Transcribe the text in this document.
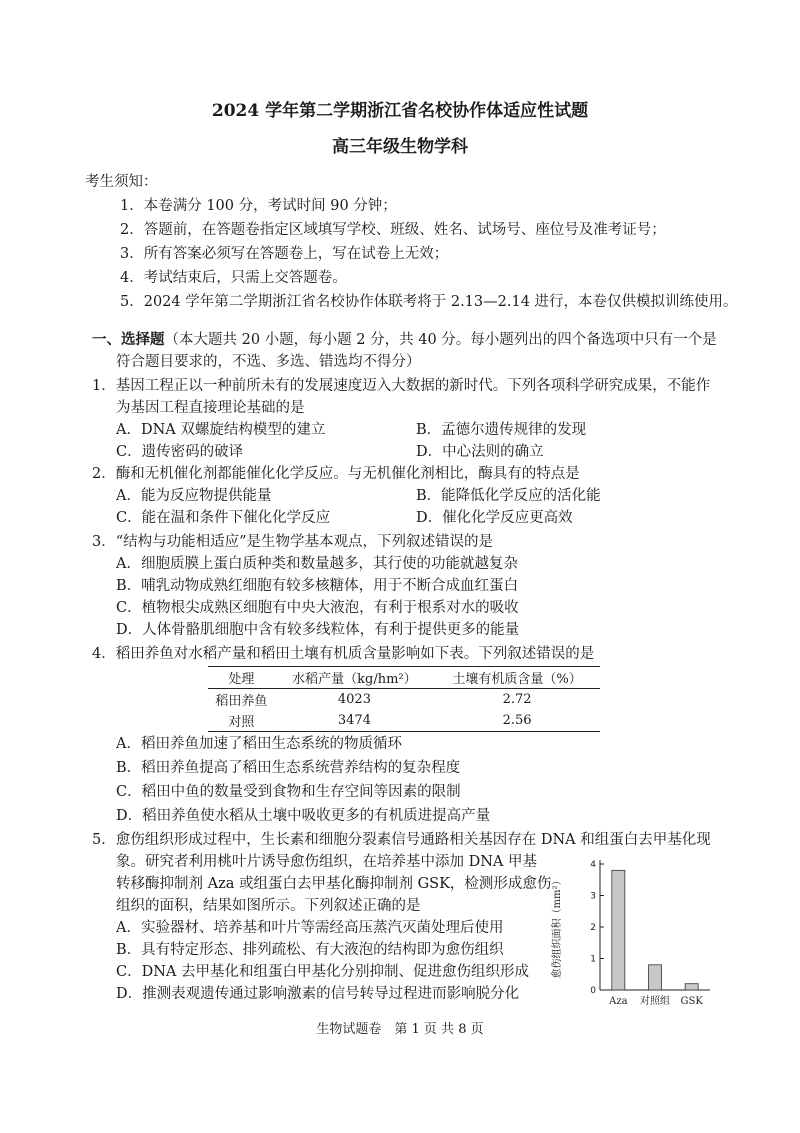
2024 学年第二学期浙江省名校协作体适应性试题
高三年级生物学科
考生须知：
1．本卷满分 100 分，考试时间 90 分钟；
2．答题前，在答题卷指定区域填写学校、班级、姓名、试场号、座位号及准考证号；
3．所有答案必须写在答题卷上，写在试卷上无效；
4．考试结束后，只需上交答题卷。
5．2024 学年第二学期浙江省名校协作体联考将于 2.13—2.14 进行，本卷仅供模拟训练使用。
一、选择题（本大题共 20 小题，每小题 2 分，共 40 分。每小题列出的四个备选项中只有一个是
符合题目要求的，不选、多选、错选均不得分）
1．基因工程正以一种前所未有的发展速度迈入大数据的新时代。下列各项科学研究成果，不能作
为基因工程直接理论基础的是
A．DNA 双螺旋结构模型的建立	B．孟德尔遗传规律的发现
C．遗传密码的破译	D．中心法则的确立
2．酶和无机催化剂都能催化化学反应。与无机催化剂相比，酶具有的特点是
A．能为反应物提供能量	B．能降低化学反应的活化能
C．能在温和条件下催化化学反应	D．催化化学反应更高效
3．“结构与功能相适应”是生物学基本观点，下列叙述错误的是
A．细胞质膜上蛋白质种类和数量越多，其行使的功能就越复杂
B．哺乳动物成熟红细胞有较多核糖体，用于不断合成血红蛋白
C．植物根尖成熟区细胞有中央大液泡，有利于根系对水的吸收
D．人体骨骼肌细胞中含有较多线粒体，有利于提供更多的能量
4．稻田养鱼对水稻产量和稻田土壤有机质含量影响如下表。下列叙述错误的是
处理	水稻产量（kg/hm²）	土壤有机质含量（%）
稻田养鱼	4023	2.72
对照	3474	2.56
A．稻田养鱼加速了稻田生态系统的物质循环
B．稻田养鱼提高了稻田生态系统营养结构的复杂程度
C．稻田中鱼的数量受到食物和生存空间等因素的限制
D．稻田养鱼使水稻从土壤中吸收更多的有机质进提高产量
5．愈伤组织形成过程中，生长素和细胞分裂素信号通路相关基因存在 DNA 和组蛋白去甲基化现
象。研究者利用桃叶片诱导愈伤组织，在培养基中添加 DNA 甲基
转移酶抑制剂 Aza 或组蛋白去甲基化酶抑制剂 GSK，检测形成愈伤
组织的面积，结果如图所示。下列叙述正确的是
A．实验器材、培养基和叶片等需经高压蒸汽灭菌处理后使用
B．具有特定形态、排列疏松、有大液泡的结构即为愈伤组织
C．DNA 去甲基化和组蛋白甲基化分别抑制、促进愈伤组织形成
D．推测表观遗传通过影响激素的信号转导过程进而影响脱分化	0
1
2
3
4
愈伤组织面积（mm²）
Aza 对照组 GSK
生物试题卷　第 1 页 共 8 页
